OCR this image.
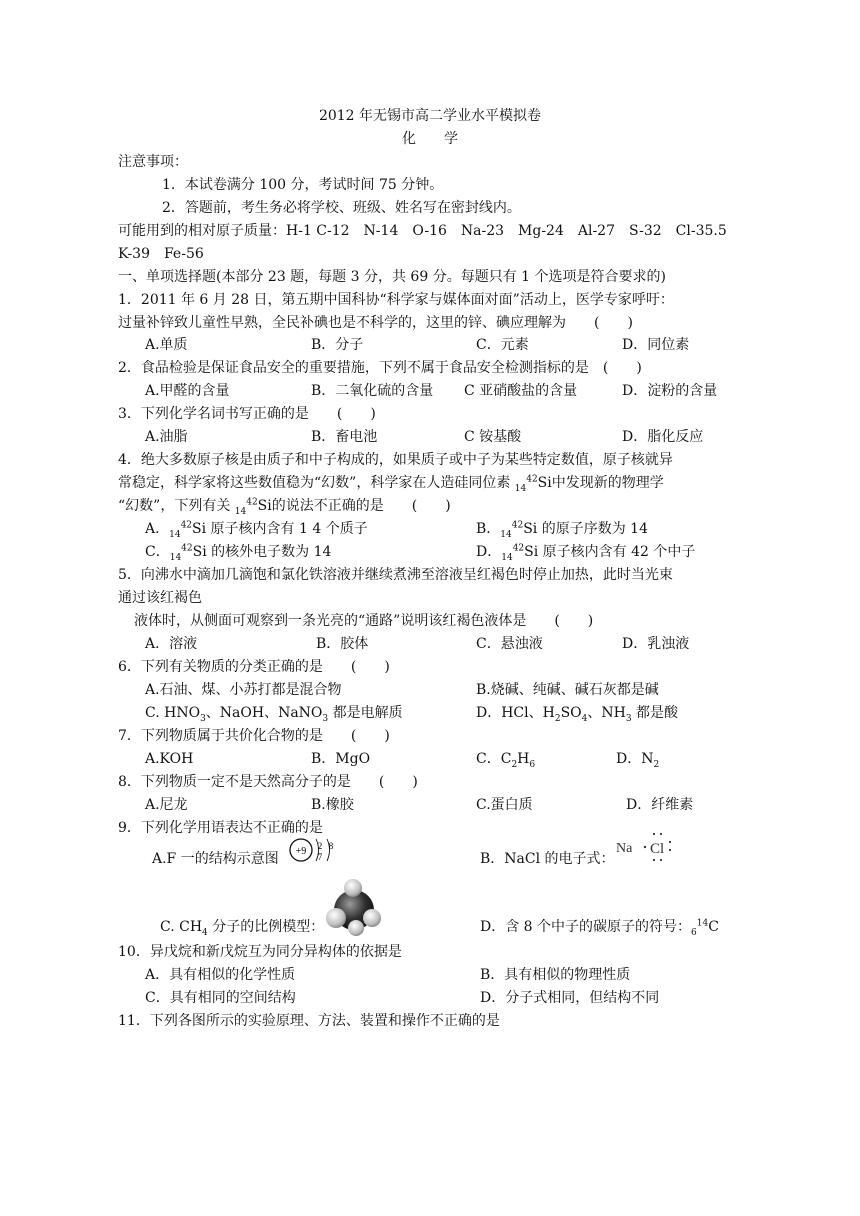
2012 年无锡市高二学业水平模拟卷
化　　学
注意事项：
1．本试卷满分 100 分，考试时间 75 分钟。
2．答题前，考生务必将学校、班级、姓名写在密封线内。
可能用到的相对原子质量：H-1 C-12　N-14　O-16　Na-23　Mg-24　Al-27　S-32　Cl-35.5
K-39　Fe-56
一、单项选择题(本部分 23 题，每题 3 分，共 69 分。每题只有 1 个选项是符合要求的)
1．2011 年 6 月 28 日，第五期中国科协“科学家与媒体面对面”活动上，医学专家呼吁：
过量补锌致儿童性早熟，全民补碘也是不科学的，这里的锌、碘应理解为　　(　　)
A.单质	B．分子	C．元素	D．同位素
2．食品检验是保证食品安全的重要措施，下列不属于食品安全检测指标的是　(　　)
A.甲醛的含量	B．二氧化硫的含量 C 亚硝酸盐的含量	D．淀粉的含量
3．下列化学名词书写正确的是　　(　　)
A.油脂	B．畜电池	C 铵基酸	D．脂化反应
4．绝大多数原子核是由质子和中子构成的，如果质子或中子为某些特定数值，原子核就异
常稳定，科学家将这些数值稳为“幻数”，科学家在人造硅同位素 $_{14}^{42}$Si中发现新的物理学
“幻数”，下列有关 $_{14}^{42}$Si的说法不正确的是　　(　　)
A．$_{14}^{42}$Si 原子核内含有 1 4 个质子	B．$_{14}^{42}$Si 的原子序数为 14
C．$_{14}^{42}$Si 的核外电子数为 14	D．$_{14}^{42}$Si 原子核内含有 42 个中子
5．向沸水中滴加几滴饱和氯化铁溶液并继续煮沸至溶液呈红褐色时停止加热，此时当光束
通过该红褐色
液体时，从侧面可观察到一条光亮的“通路”说明该红褐色液体是　　(　　)
A．溶液	B．胶体	C．悬浊液	D．乳浊液
6．下列有关物质的分类正确的是　　(　　)
A.石油、煤、小苏打都是混合物	B.烧碱、纯碱、碱石灰都是碱
C. $HNO_3$、NaOH、NaNO$_3$ 都是电解质	D．HCl、$H_2SO_4$、$NH_3$ 都是酸
7．下列物质属于共价化合物的是　　(　　)
A.KOH	B．MgO	C．$C_2H_6$	D．$N_2$
8．下列物质一定不是天然高分子的是　　(　　)
A.尼龙	B.橡胶	C.蛋白质	D．纤维素
9．下列化学用语表达不正确的是
A.F 一的结构示意图 +9 2 8
7	B．NaCl 的电子式：
Na Cl
C. $CH_4$ 分子的比例模型：	D．含 8 个中子的碳原子的符号：$_6^{14}$C
10．异戊烷和新戊烷互为同分异构体的依据是
A．具有相似的化学性质	B．具有相似的物理性质
C．具有相同的空间结构	D．分子式相同，但结构不同
11．下列各图所示的实验原理、方法、装置和操作不正确的是
